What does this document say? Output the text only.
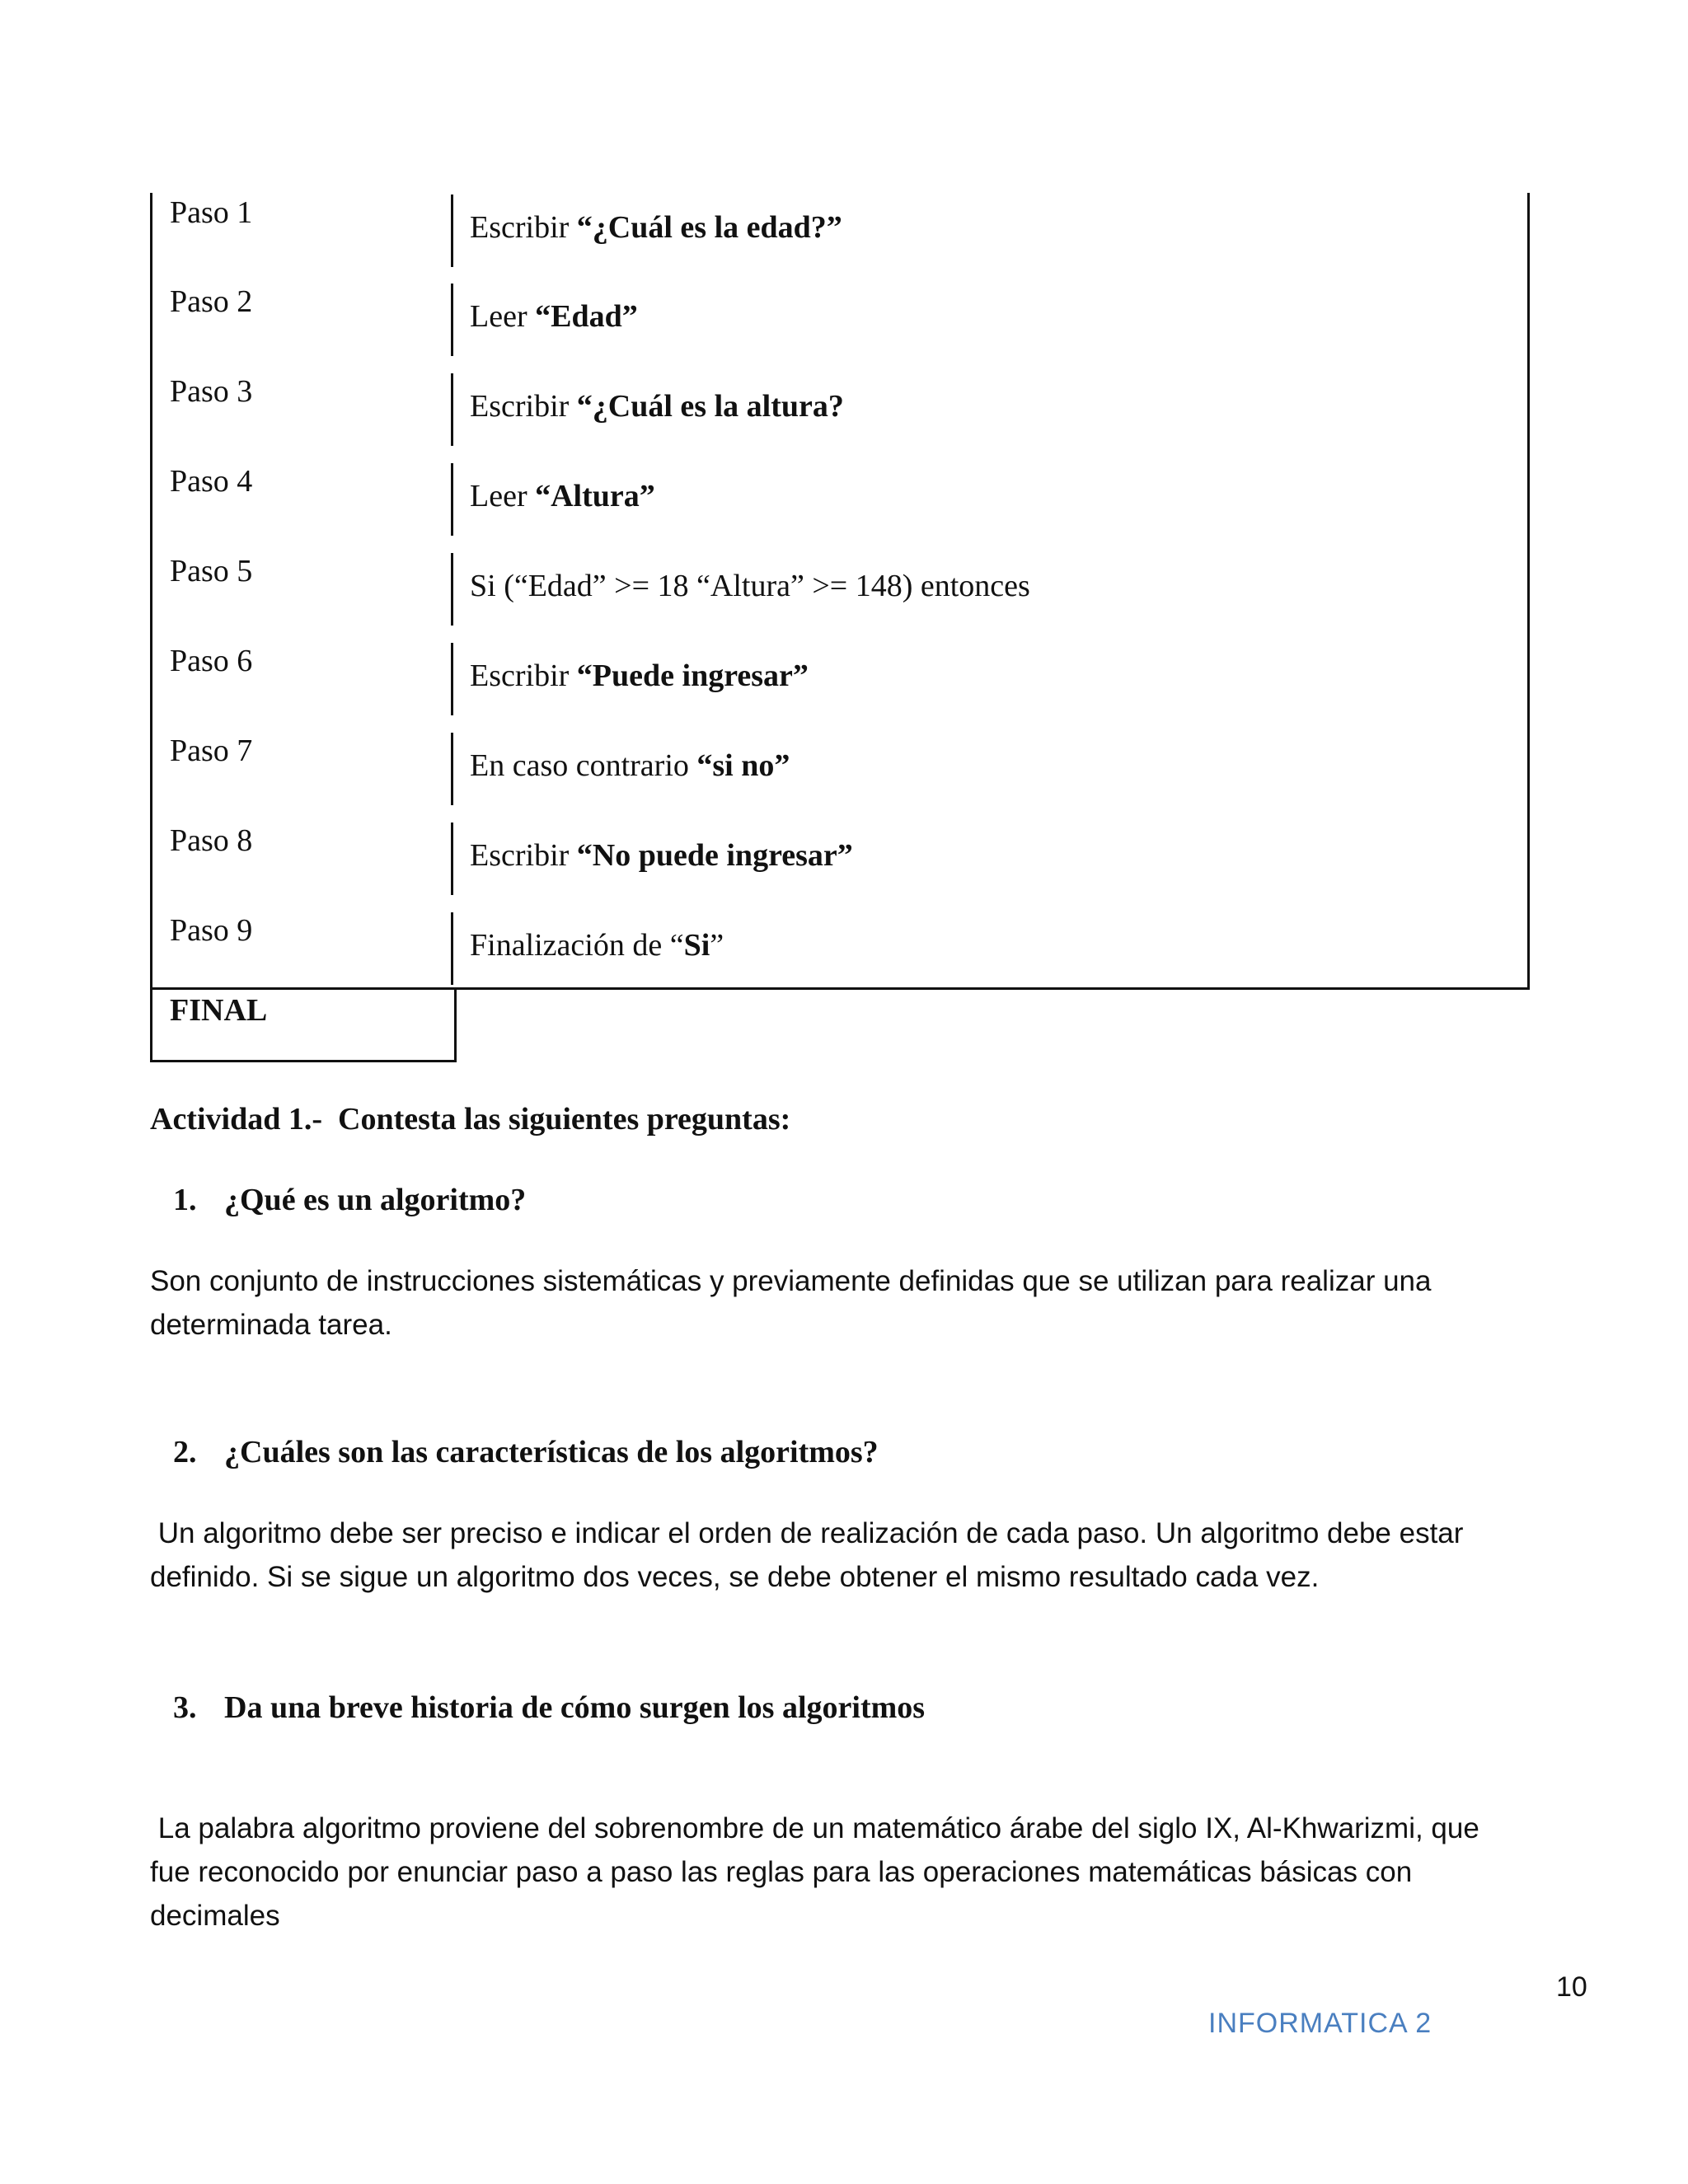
Paso 1	Escribir “¿Cuál es la edad?”
Paso 2	Leer “Edad”
Paso 3	Escribir “¿Cuál es la altura?
Paso 4	Leer “Altura”
Paso 5	Si (“Edad” >= 18 “Altura” >= 148) entonces
Paso 6	Escribir “Puede ingresar”
Paso 7	En caso contrario “si no”
Paso 8	Escribir “No puede ingresar”
Paso 9	Finalización de “Si”
FINAL
Actividad 1.-  Contesta las siguientes preguntas:
1. ¿Qué es un algoritmo?
Son conjunto de instrucciones sistemáticas y previamente definidas que se utilizan para realizar una
determinada tarea.
2. ¿Cuáles son las características de los algoritmos?
Un algoritmo debe ser preciso e indicar el orden de realización de cada paso. Un algoritmo debe estar
definido. Si se sigue un algoritmo dos veces, se debe obtener el mismo resultado cada vez.
3. Da una breve historia de cómo surgen los algoritmos
La palabra algoritmo proviene del sobrenombre de un matemático árabe del siglo IX, Al-Khwarizmi, que
fue reconocido por enunciar paso a paso las reglas para las operaciones matemáticas básicas con
decimales
10
INFORMATICA 2
